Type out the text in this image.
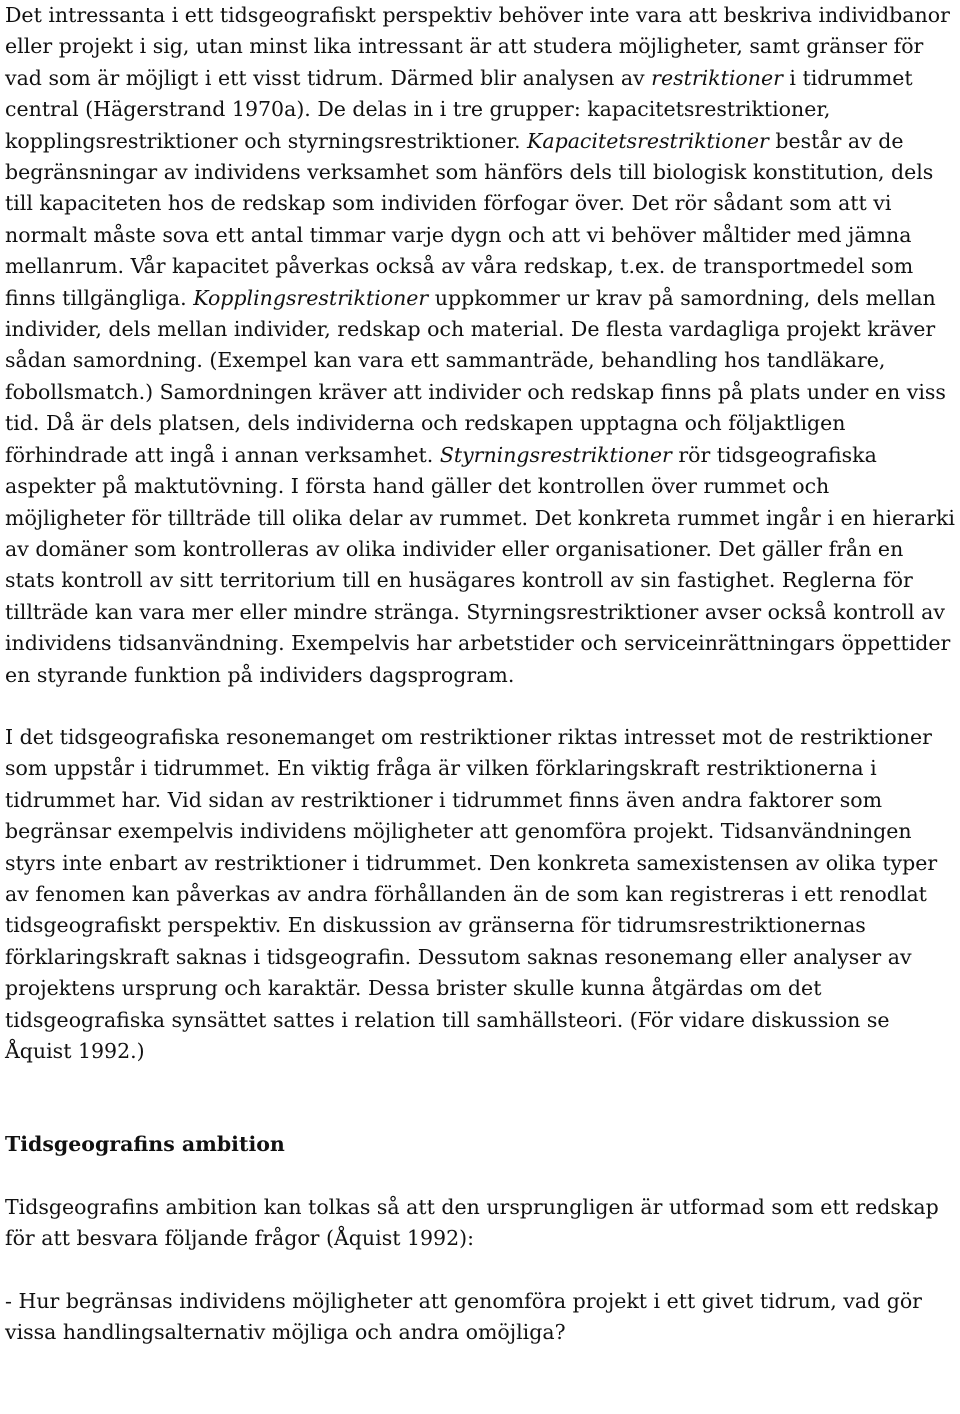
Det intressanta i ett tidsgeografiskt perspektiv behöver inte vara att beskriva individbanor eller projekt i sig, utan minst lika intressant är att studera möjligheter, samt gränser för vad som är möjligt i ett visst tidrum. Därmed blir analysen av restriktioner i tidrummet central (Hägerstrand 1970a). De delas in i tre grupper: kapacitetsrestriktioner, kopplingsrestriktioner och styrningsrestriktioner. Kapacitetsrestriktioner består av de begränsningar av individens verksamhet som hänförs dels till biologisk konstitution, dels till kapaciteten hos de redskap som individen förfogar över. Det rör sådant som att vi normalt måste sova ett antal timmar varje dygn och att vi behöver måltider med jämna mellanrum. Vår kapacitet påverkas också av våra redskap, t.ex. de transportmedel som finns tillgängliga. Kopplingsrestriktioner uppkommer ur krav på samordning, dels mellan individer, dels mellan individer, redskap och material. De flesta vardagliga projekt kräver sådan samordning. (Exempel kan vara ett sammanträde, behandling hos tandläkare, fobollsmatch.) Samordningen kräver att individer och redskap finns på plats under en viss tid. Då är dels platsen, dels individerna och redskapen upptagna och följaktligen förhindrade att ingå i annan verksamhet. Styrningsrestriktioner rör tidsgeografiska aspekter på maktutövning. I första hand gäller det kontrollen över rummet och möjligheter för tillträde till olika delar av rummet. Det konkreta rummet ingår i en hierarki av domäner som kontrolleras av olika individer eller organisationer. Det gäller från en stats kontroll av sitt territorium till en husägares kontroll av sin fastighet. Reglerna för tillträde kan vara mer eller mindre stränga. Styrningsrestriktioner avser också kontroll av individens tidsanvändning. Exempelvis har arbetstider och serviceinrättningars öppettider en styrande funktion på individers dagsprogram.

I det tidsgeografiska resonemanget om restriktioner riktas intresset mot de restriktioner som uppstår i tidrummet. En viktig fråga är vilken förklaringskraft restriktionerna i tidrummet har. Vid sidan av restriktioner i tidrummet finns även andra faktorer som begränsar exempelvis individens möjligheter att genomföra projekt. Tidsanvändningen styrs inte enbart av restriktioner i tidrummet. Den konkreta samexistensen av olika typer av fenomen kan påverkas av andra förhållanden än de som kan registreras i ett renodlat tidsgeografiskt perspektiv. En diskussion av gränserna för tidrumsrestriktionernas förklaringskraft saknas i tidsgeografin. Dessutom saknas resonemang eller analyser av projektens ursprung och karaktär. Dessa brister skulle kunna åtgärdas om det tidsgeografiska synsättet sattes i relation till samhällsteori. (För vidare diskussion se Åquist 1992.)

Tidsgeografins ambition

Tidsgeografins ambition kan tolkas så att den ursprungligen är utformad som ett redskap för att besvara följande frågor (Åquist 1992):

- Hur begränsas individens möjligheter att genomföra projekt i ett givet tidrum, vad gör vissa handlingsalternativ möjliga och andra omöjliga?
